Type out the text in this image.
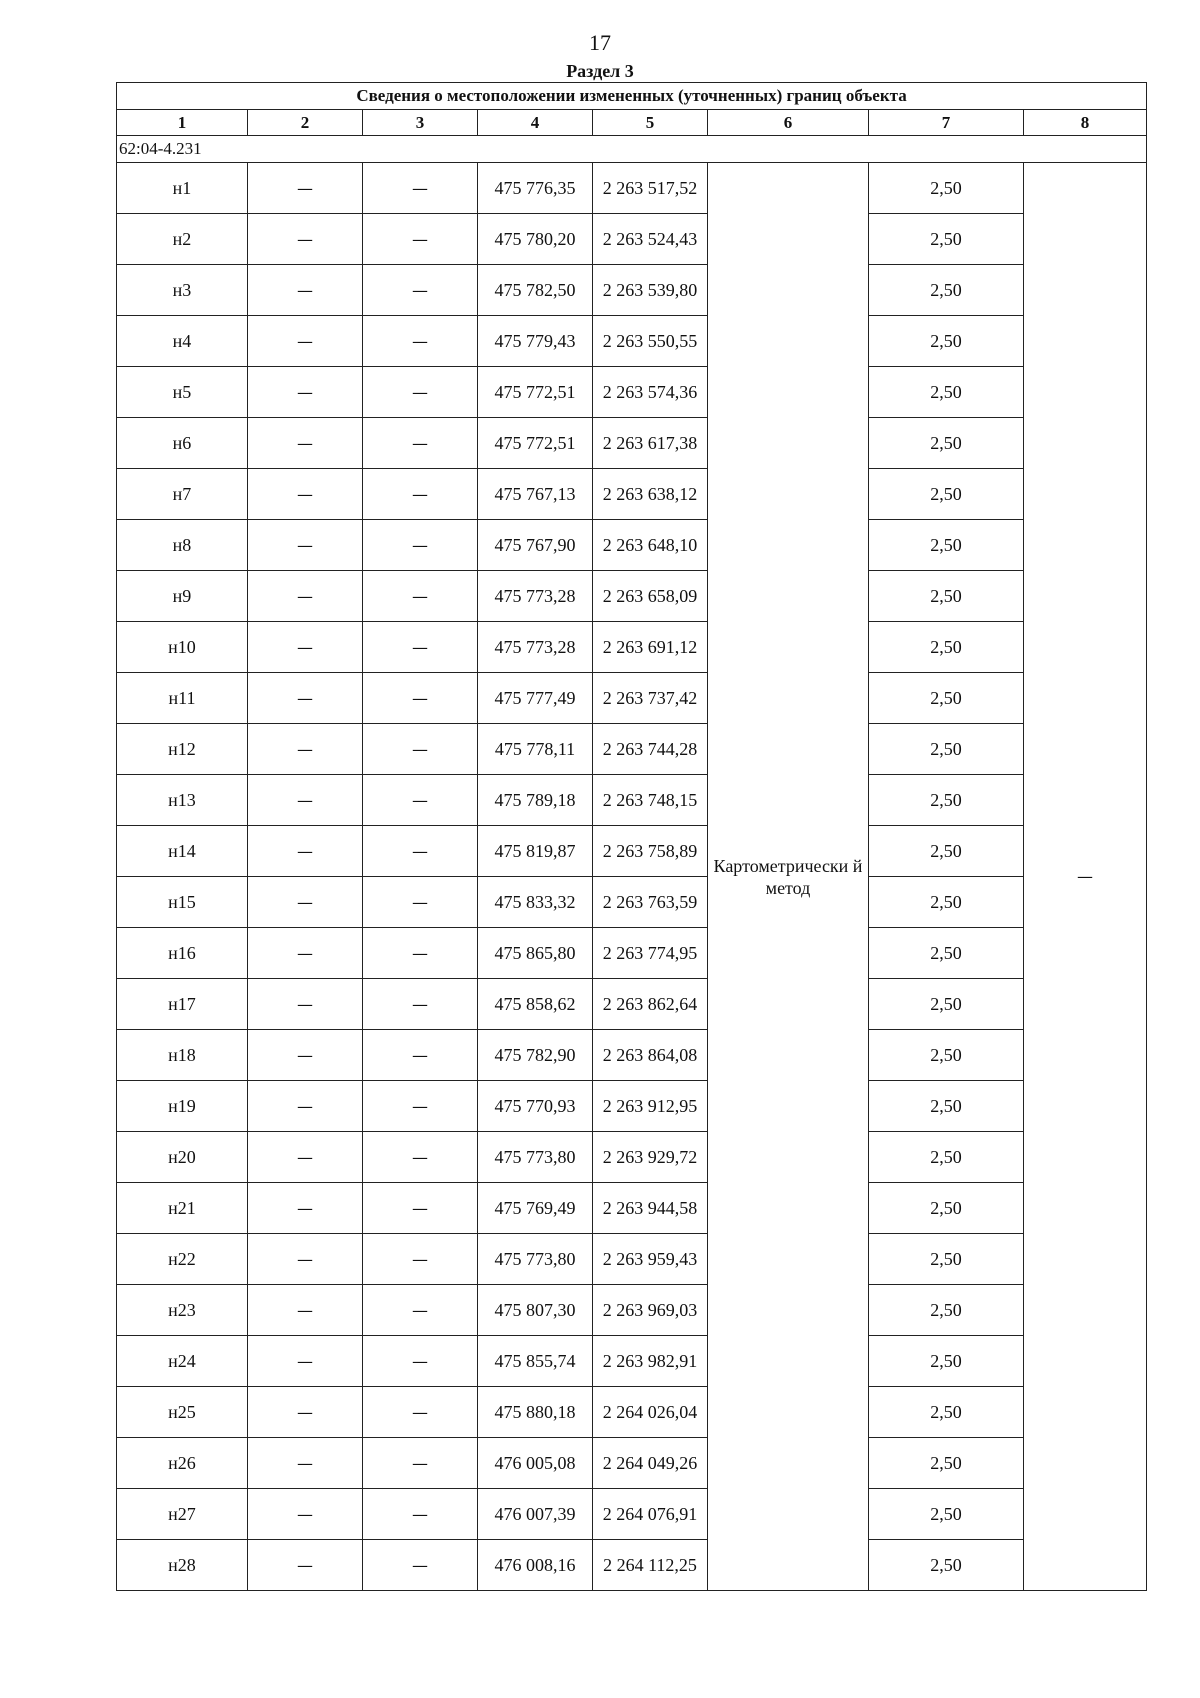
17
Раздел 3
Сведения о местоположении измененных (уточненных) границ объекта							
1	2	3	4	5	6	7	8
62:04-4.231							
н1	—	—	475 776,35	2 263 517,52	Картометрически й метод	2,50	—
н2	—	—	475 780,20	2 263 524,43		2,50	
н3	—	—	475 782,50	2 263 539,80		2,50	
н4	—	—	475 779,43	2 263 550,55		2,50	
н5	—	—	475 772,51	2 263 574,36		2,50	
н6	—	—	475 772,51	2 263 617,38		2,50	
н7	—	—	475 767,13	2 263 638,12		2,50	
н8	—	—	475 767,90	2 263 648,10		2,50	
н9	—	—	475 773,28	2 263 658,09		2,50	
н10	—	—	475 773,28	2 263 691,12		2,50	
н11	—	—	475 777,49	2 263 737,42		2,50	
н12	—	—	475 778,11	2 263 744,28		2,50	
н13	—	—	475 789,18	2 263 748,15		2,50	
н14	—	—	475 819,87	2 263 758,89		2,50	
н15	—	—	475 833,32	2 263 763,59		2,50	
н16	—	—	475 865,80	2 263 774,95		2,50	
н17	—	—	475 858,62	2 263 862,64		2,50	
н18	—	—	475 782,90	2 263 864,08		2,50	
н19	—	—	475 770,93	2 263 912,95		2,50	
н20	—	—	475 773,80	2 263 929,72		2,50	
н21	—	—	475 769,49	2 263 944,58		2,50	
н22	—	—	475 773,80	2 263 959,43		2,50	
н23	—	—	475 807,30	2 263 969,03		2,50	
н24	—	—	475 855,74	2 263 982,91		2,50	
н25	—	—	475 880,18	2 264 026,04		2,50	
н26	—	—	476 005,08	2 264 049,26		2,50	
н27	—	—	476 007,39	2 264 076,91		2,50	
н28	—	—	476 008,16	2 264 112,25		2,50	
